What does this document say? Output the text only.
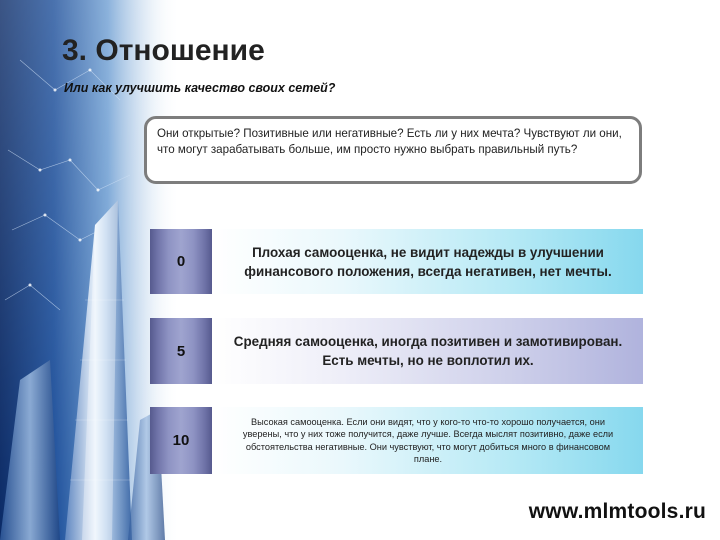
3. Отношение
Или как улучшить качество своих сетей?
Они открытые? Позитивные или негативные? Есть ли у них мечта? Чувствуют ли они, что могут зарабатывать больше, им просто нужно выбрать правильный путь?
0
Плохая самооценка, не видит надежды в улучшении финансового положения, всегда негативен, нет мечты.
5
Средняя самооценка, иногда позитивен и замотивирован. Есть мечты, но не воплотил их.
10
Высокая самооценка. Если они видят, что у кого-то что-то хорошо получается, они уверены, что у них тоже получится, даже лучше. Всегда мыслят позитивно, даже если обстоятельства негативные. Они чувствуют, что могут добиться много в финансовом плане.
www.mlmtools.ru
